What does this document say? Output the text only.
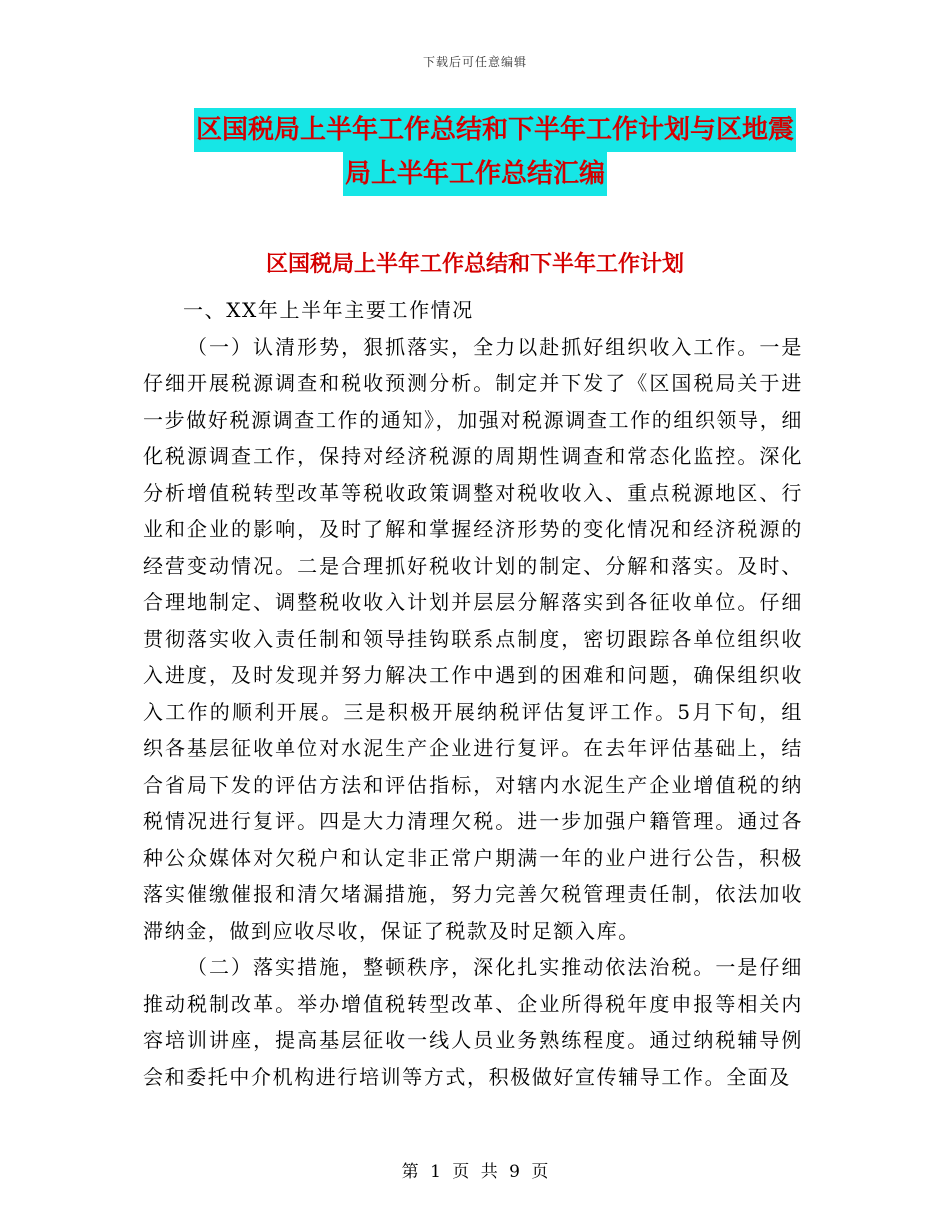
下载后可任意编辑
区国税局上半年工作总结和下半年工作计划与区地震
局上半年工作总结汇编
区国税局上半年工作总结和下半年工作计划

一、XX年上半年主要工作情况

（一）认清形势，狠抓落实，全力以赴抓好组织收入工作。一是仔细开展税源调查和税收预测分析。制定并下发了《区国税局关于进一步做好税源调查工作的通知》，加强对税源调查工作的组织领导，细化税源调查工作，保持对经济税源的周期性调查和常态化监控。深化分析增值税转型改革等税收政策调整对税收收入、重点税源地区、行业和企业的影响，及时了解和掌握经济形势的变化情况和经济税源的经营变动情况。二是合理抓好税收计划的制定、分解和落实。及时、合理地制定、调整税收收入计划并层层分解落实到各征收单位。仔细贯彻落实收入责任制和领导挂钩联系点制度，密切跟踪各单位组织收入进度，及时发现并努力解决工作中遇到的困难和问题，确保组织收入工作的顺利开展。三是积极开展纳税评估复评工作。5月下旬，组织各基层征收单位对水泥生产企业进行复评。在去年评估基础上，结合省局下发的评估方法和评估指标，对辖内水泥生产企业增值税的纳税情况进行复评。四是大力清理欠税。进一步加强户籍管理。通过各种公众媒体对欠税户和认定非正常户期满一年的业户进行公告，积极落实催缴催报和清欠堵漏措施，努力完善欠税管理责任制，依法加收滞纳金，做到应收尽收，保证了税款及时足额入库。

（二）落实措施，整顿秩序，深化扎实推动依法治税。一是仔细推动税制改革。举办增值税转型改革、企业所得税年度申报等相关内容培训讲座，提高基层征收一线人员业务熟练程度。通过纳税辅导例会和委托中介机构进行培训等方式，积极做好宣传辅导工作。全面及

第 1 页 共 9 页
